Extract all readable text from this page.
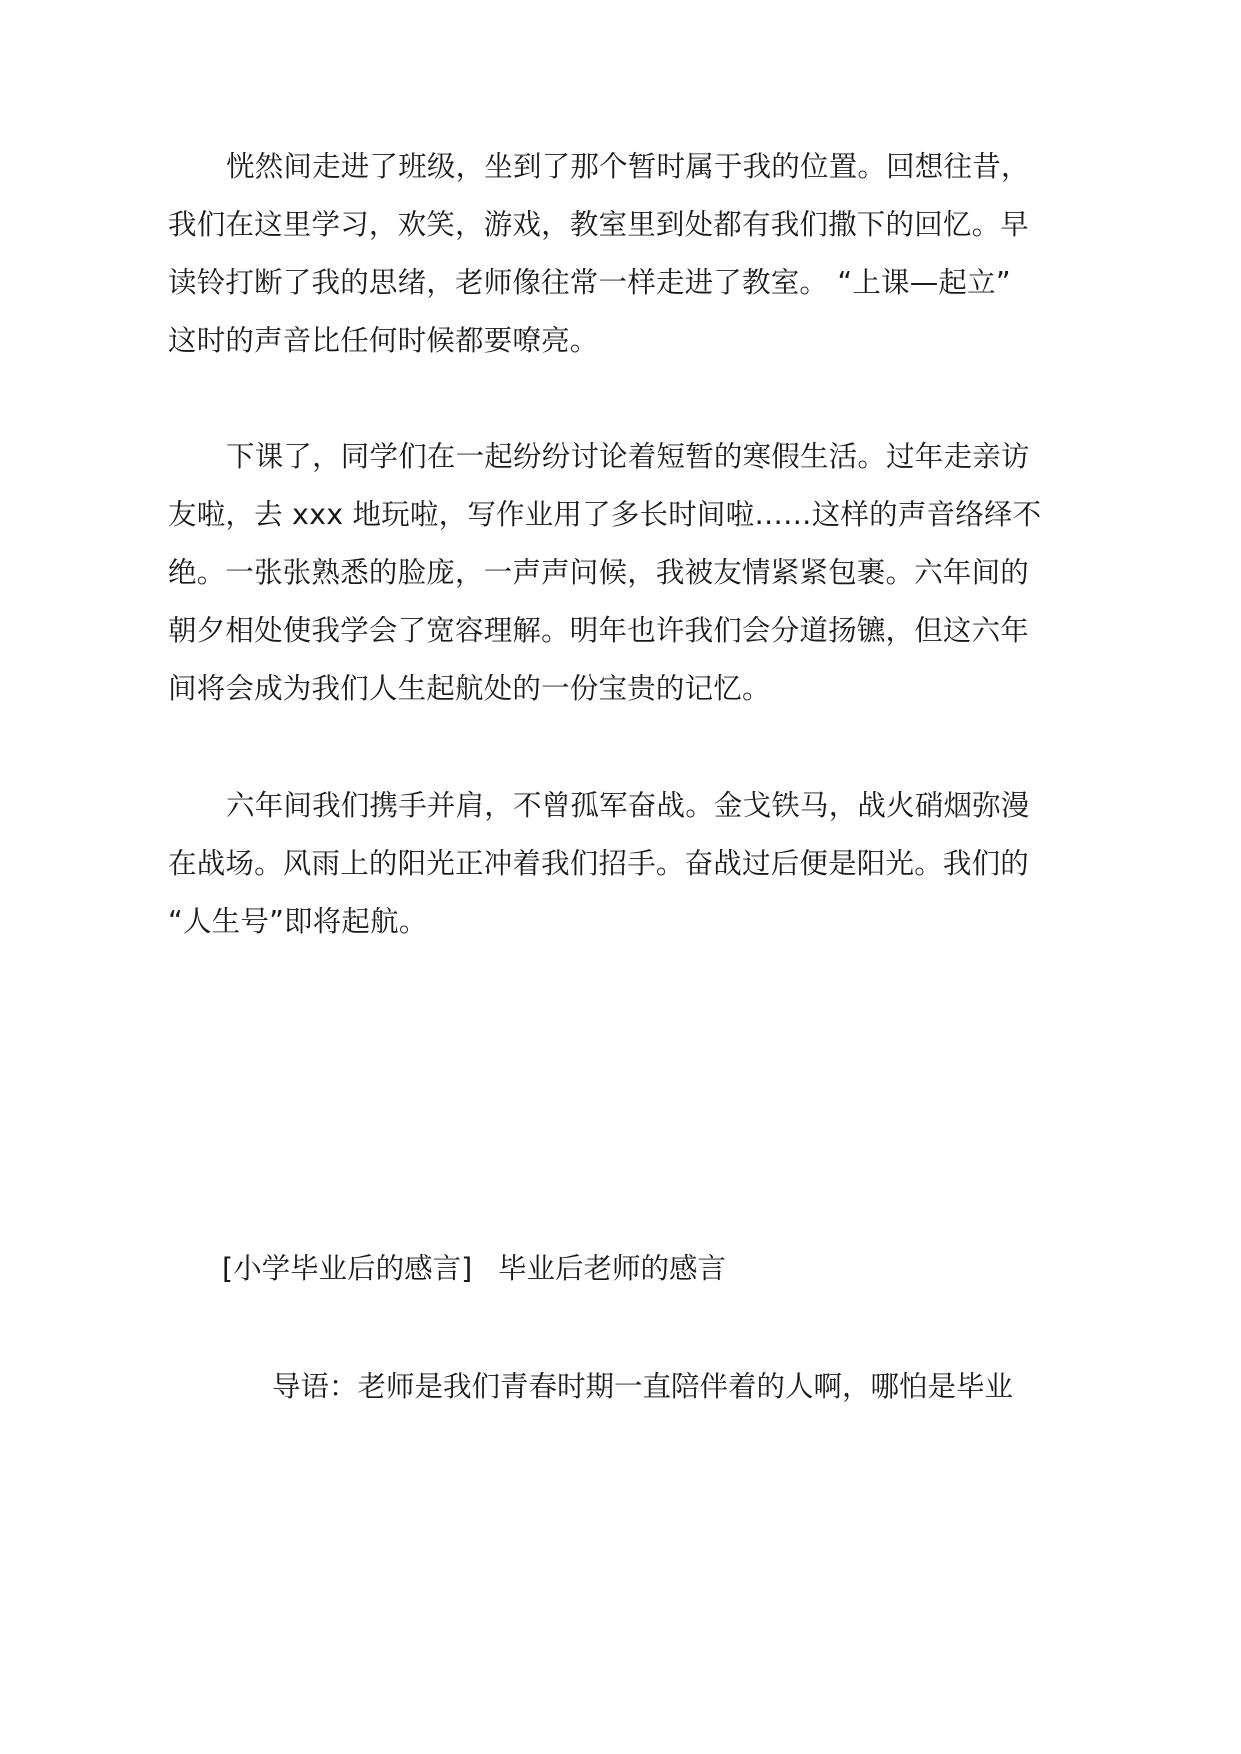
恍然间走进了班级，坐到了那个暂时属于我的位置。回想往昔，
我们在这里学习，欢笑，游戏，教室里到处都有我们撒下的回忆。早
读铃打断了我的思绪，老师像往常一样走进了教室。 “上课—起立”
这时的声音比任何时候都要嘹亮。
下课了，同学们在一起纷纷讨论着短暂的寒假生活。过年走亲访
友啦，去 xxx 地玩啦，写作业用了多长时间啦……这样的声音络绎不
绝。一张张熟悉的脸庞，一声声问候，我被友情紧紧包裹。六年间的
朝夕相处使我学会了宽容理解。明年也许我们会分道扬镳，但这六年
间将会成为我们人生起航处的一份宝贵的记忆。
六年间我们携手并肩，不曾孤军奋战。金戈铁马，战火硝烟弥漫
在战场。风雨上的阳光正冲着我们招手。奋战过后便是阳光。我们的
“人生号”即将起航。
[小学毕业后的感言] 毕业后老师的感言
导语：老师是我们青春时期一直陪伴着的人啊，哪怕是毕业
